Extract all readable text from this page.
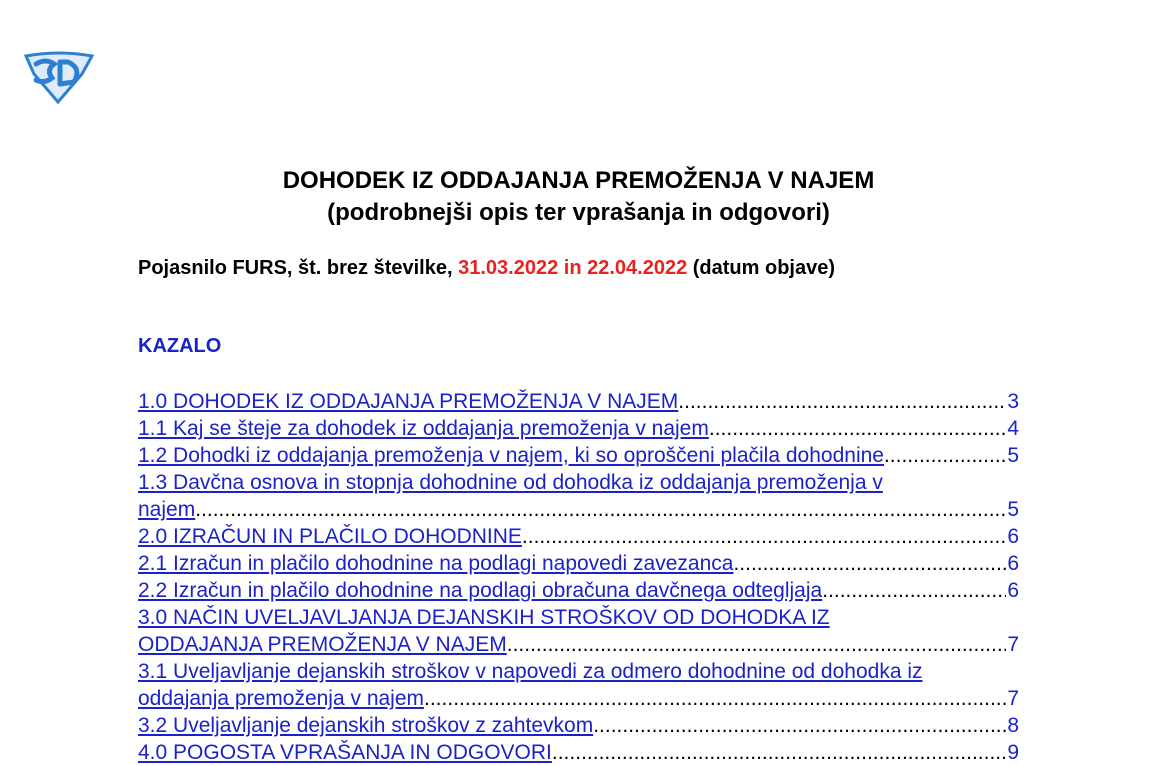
DOHODEK IZ ODDAJANJA PREMOŽENJA V NAJEM
(podrobnejši opis ter vprašanja in odgovori)
Pojasnilo FURS, št. brez številke, 31.03.2022 in 22.04.2022 (datum objave)
KAZALO
1.0 DOHODEK IZ ODDAJANJA PREMOŽENJA V NAJEM .....	3
1.1 Kaj se šteje za dohodek iz oddajanja premoženja v najem .....	4
1.2 Dohodki iz oddajanja premoženja v najem, ki so oproščeni plačila dohodnine .....	5
1.3 Davčna osnova in stopnja dohodnine od dohodka iz oddajanja premoženja v
najem .....	5
2.0 IZRAČUN IN PLAČILO DOHODNINE .....	6
2.1 Izračun in plačilo dohodnine na podlagi napovedi zavezanca .....	6
2.2 Izračun in plačilo dohodnine na podlagi obračuna davčnega odtegljaja .....	6
3.0 NAČIN UVELJAVLJANJA DEJANSKIH STROŠKOV OD DOHODKA IZ
ODDAJANJA PREMOŽENJA V NAJEM .....	7
3.1 Uveljavljanje dejanskih stroškov v napovedi za odmero dohodnine od dohodka iz
oddajanja premoženja v najem .....	7
3.2 Uveljavljanje dejanskih stroškov z zahtevkom .....	8
4.0 POGOSTA VPRAŠANJA IN ODGOVORI .....	9
